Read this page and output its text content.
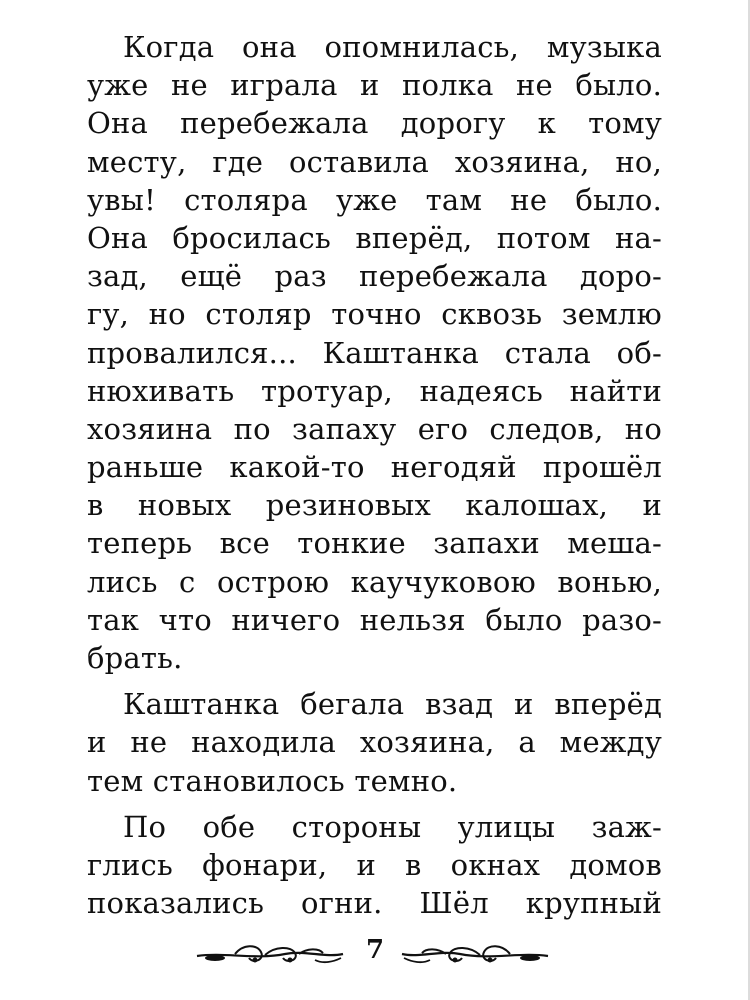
Когда она опомнилась, музыка
уже не играла и полка не было.
Она перебежала дорогу к тому
месту, где оставила хозяина, но,
увы! столяра уже там не было.
Она бросилась вперёд, потом на-
зад, ещё раз перебежала доро-
гу, но столяр точно сквозь землю
провалился... Каштанка стала об-
нюхивать тротуар, надеясь найти
хозяина по запаху его следов, но
раньше какой-то негодяй прошёл
в новых резиновых калошах, и
теперь все тонкие запахи меша-
лись с острою каучуковою вонью,
так что ничего нельзя было разо-
брать.
Каштанка бегала взад и вперёд
и не находила хозяина, а между
тем становилось темно.
По обе стороны улицы заж-
глись фонари, и в окнах домов
показались огни. Шёл крупный
7
